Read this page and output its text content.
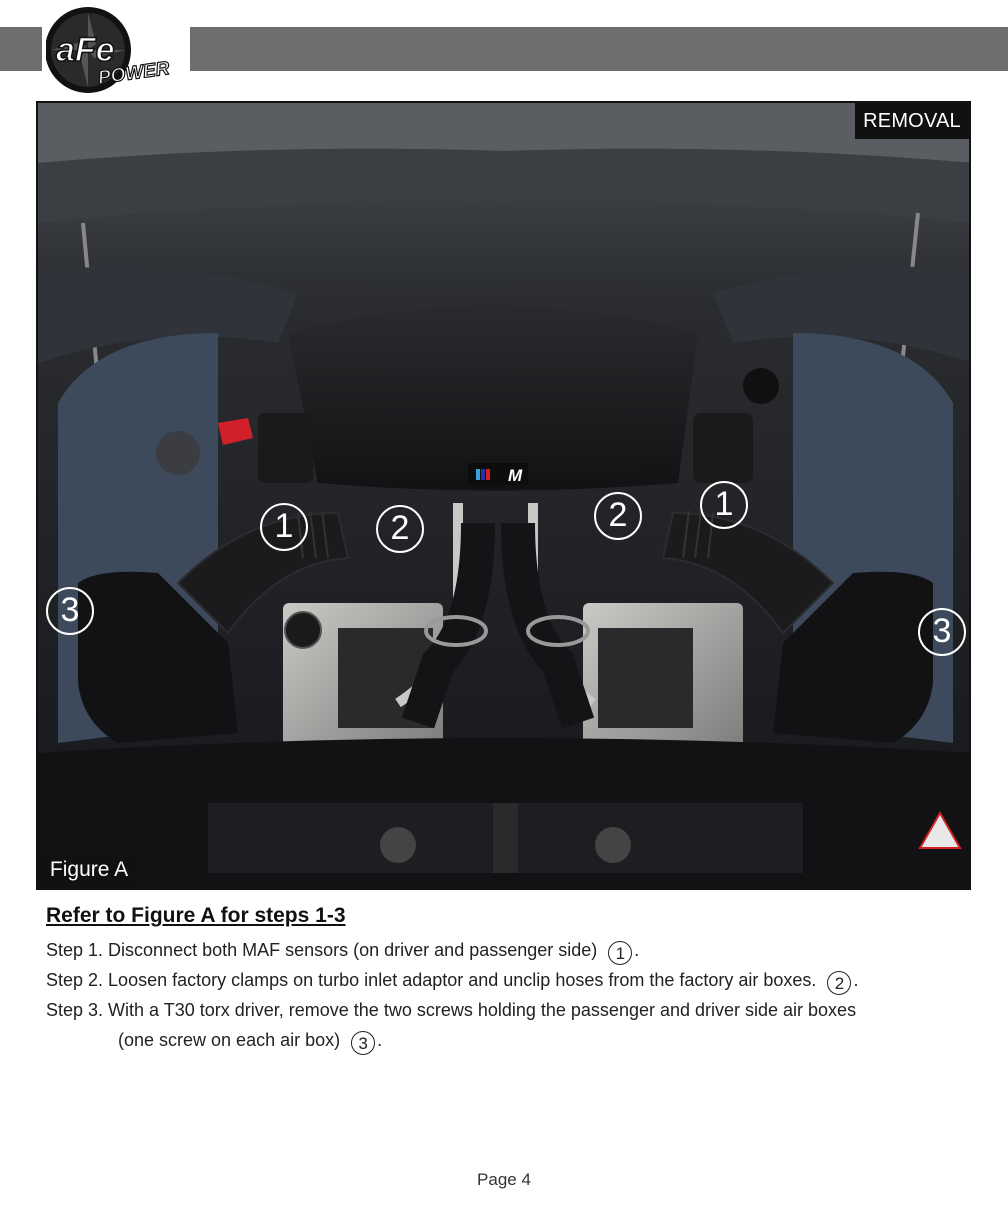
aFe
POWER
M
REMOVAL
Figure A
1	2	2	1
3
3
Refer to Figure A for steps 1-3
Step 1. Disconnect both MAF sensors (on driver and passenger side) 1 .
Step 2. Loosen factory clamps on turbo inlet adaptor and unclip hoses from the factory air boxes. 2 .
Step 3. With a T30 torx driver, remove the two screws holding the passenger and driver side air boxes
(one screw on each air box) 3 .
Page 4
